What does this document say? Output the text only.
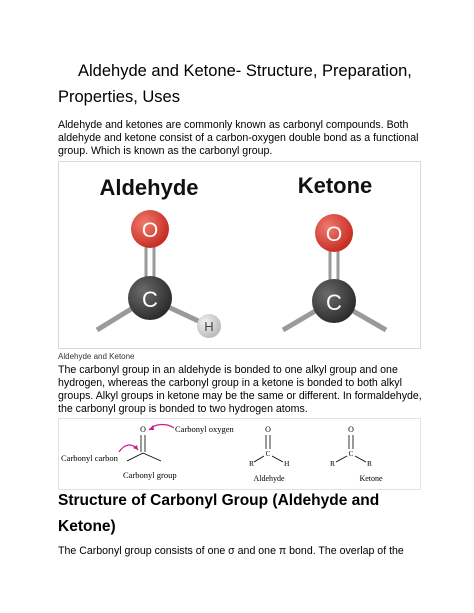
Aldehyde and Ketone- Structure, Preparation,
Properties, Uses
Aldehyde and ketones are commonly known as carbonyl compounds. Both aldehyde and ketone consist of a carbon-oxygen double bond as a functional group. Which is known as the carbonyl group.
Aldehyde
O
C
H
Ketone
O
C
Aldehyde and Ketone
The carbonyl group in an aldehyde is bonded to one alkyl group and one hydrogen, whereas the carbonyl group in a ketone is bonded to both alkyl groups. Alkyl groups in ketone may be the same or different. In formaldehyde, the carbonyl group is bonded to two hydrogen atoms.
O	Carbonyl oxygen
Carbonyl carbon
Carbonyl group
O
C
R	H
Aldehyde
O
C
R	R
Ketone
Structure of Carbonyl Group (Aldehyde and
Ketone)
The Carbonyl group consists of one σ and one π bond. The overlap of the
